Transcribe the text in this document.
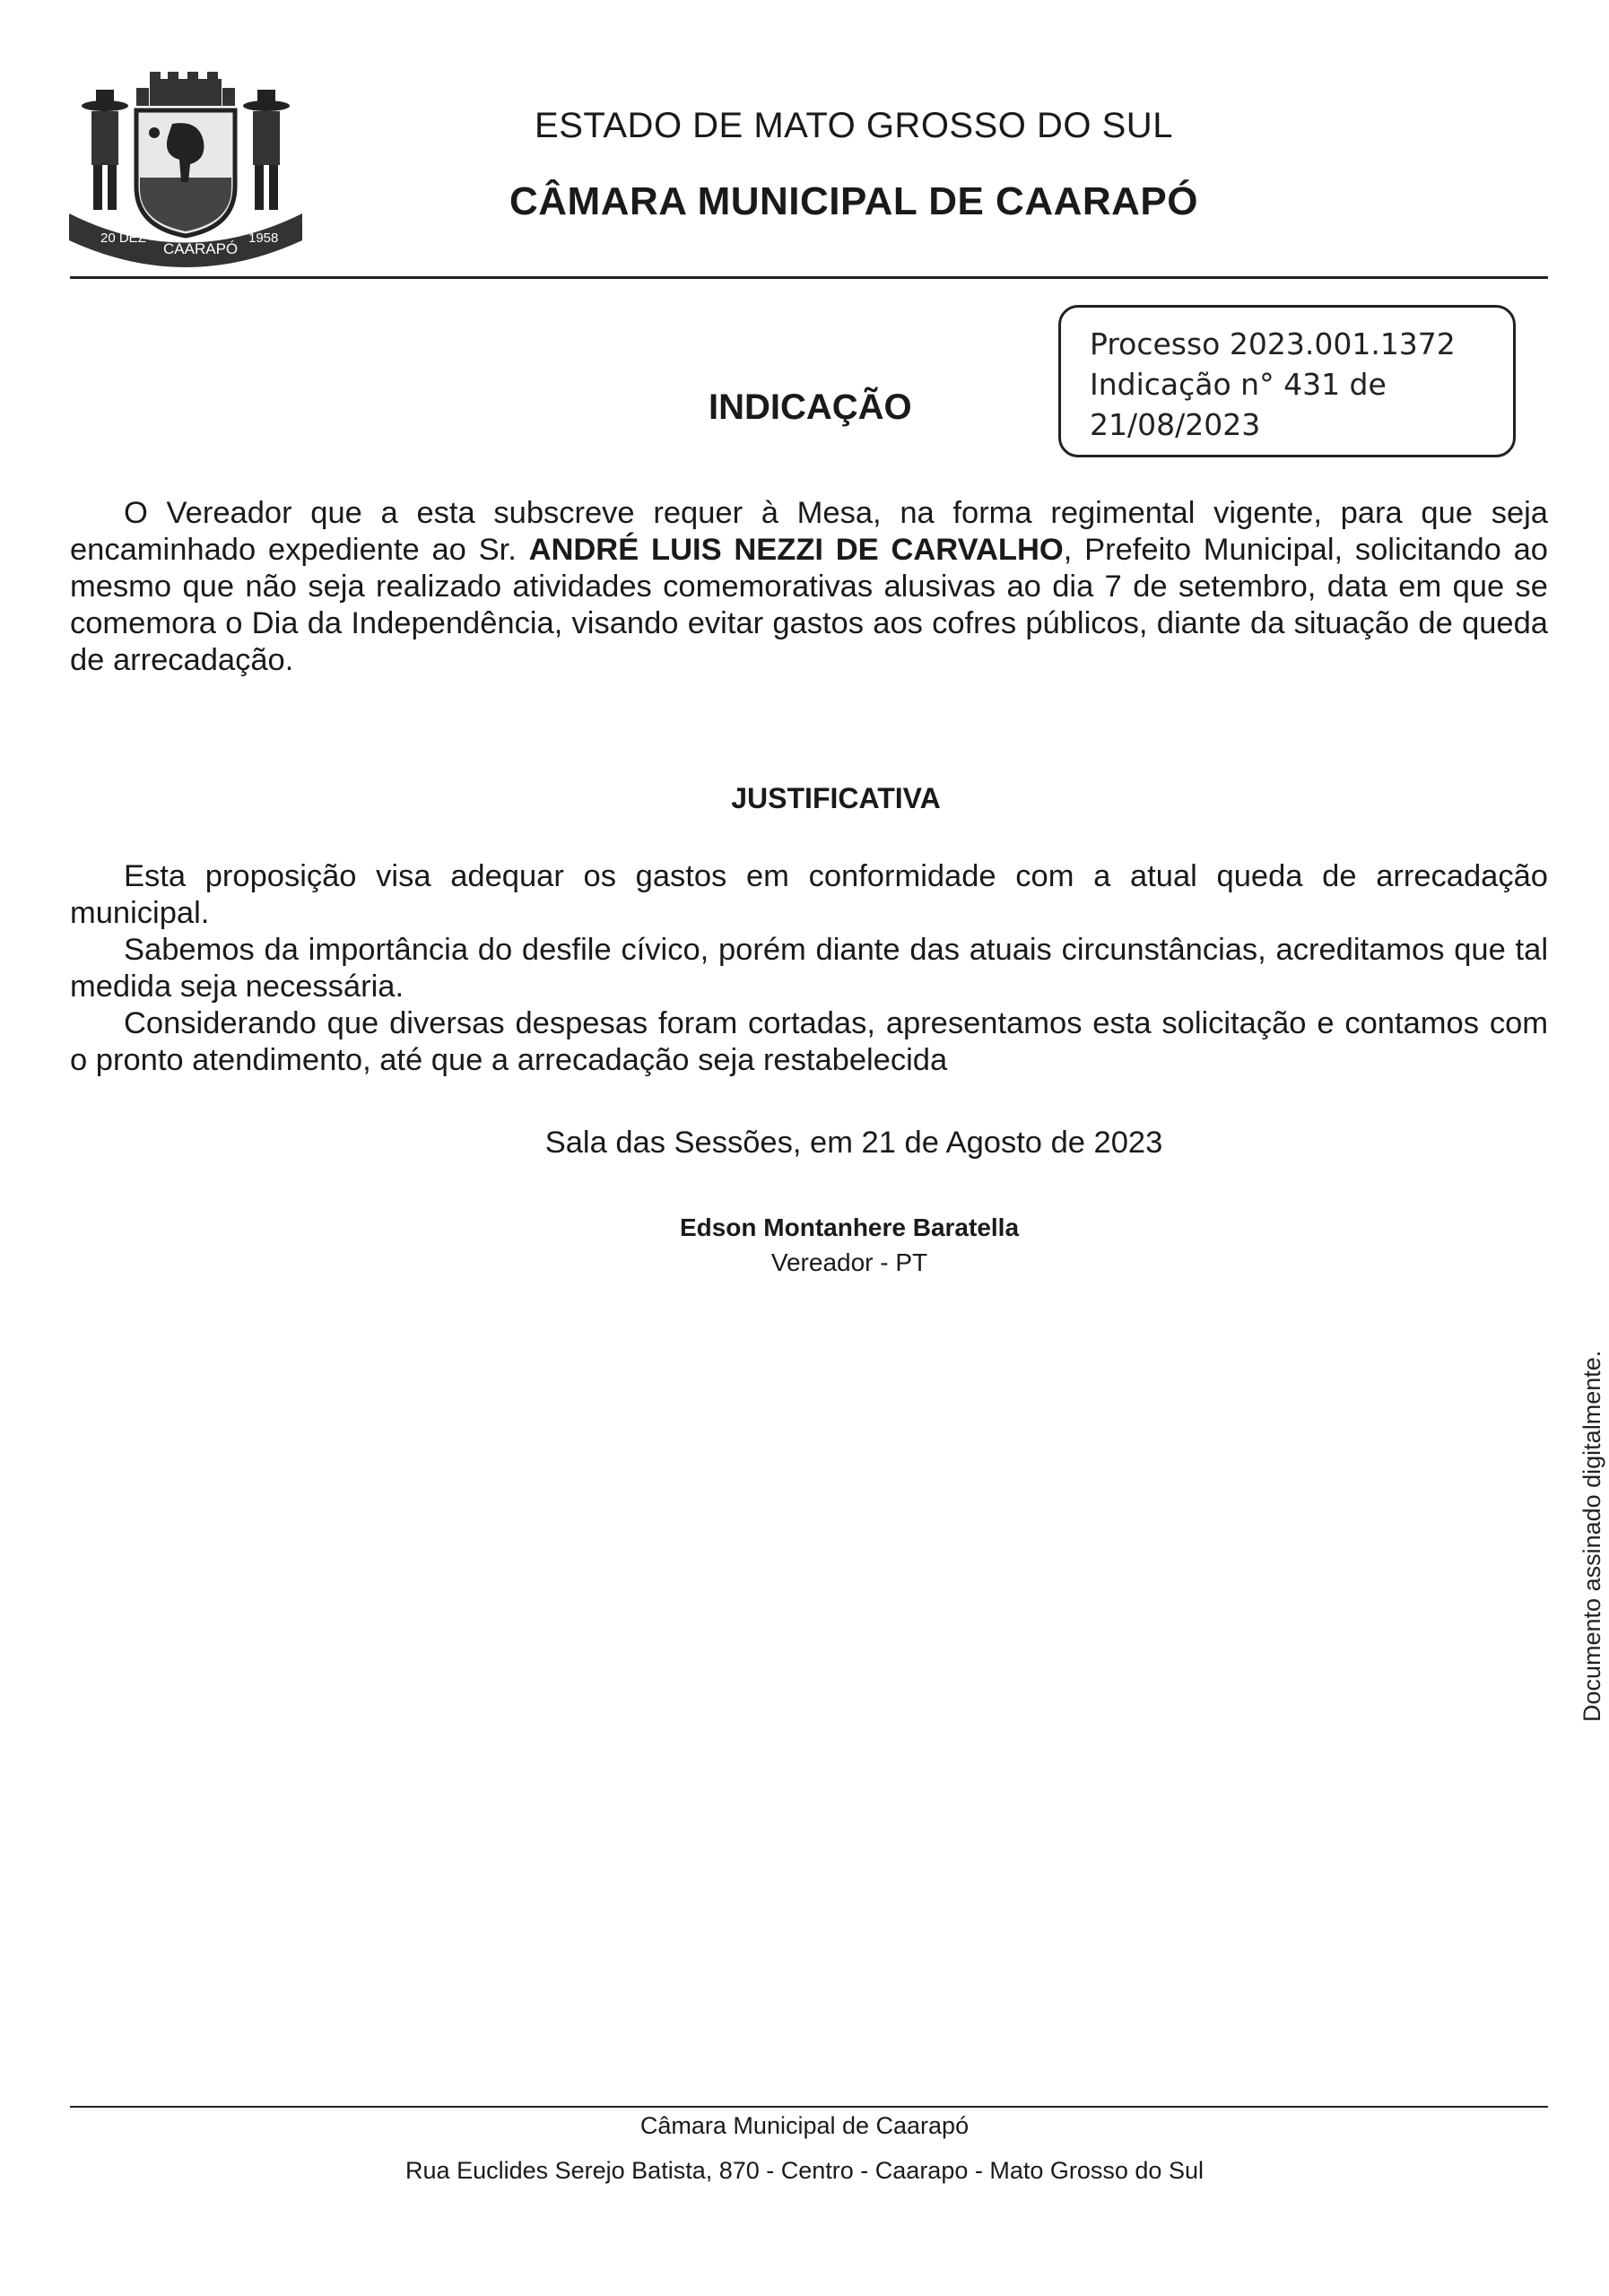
20 DEZ
CAARAPÓ
1958
ESTADO DE MATO GROSSO DO SUL
CÂMARA MUNICIPAL DE CAARAPÓ
Processo 2023.001.1372
Indicação n° 431 de
21/08/2023
INDICAÇÃO

O Vereador que a esta subscreve requer à Mesa, na forma regimental vigente, para que seja encaminhado expediente ao Sr. ANDRÉ LUIS NEZZI DE CARVALHO, Prefeito Municipal, solicitando ao mesmo que não seja realizado atividades comemorativas alusivas ao dia 7 de setembro, data em que se comemora o Dia da Independência, visando evitar gastos aos cofres públicos, diante da situação de queda de arrecadação.

JUSTIFICATIVA

Esta proposição visa adequar os gastos em conformidade com a atual queda de arrecadação municipal.

Sabemos da importância do desfile cívico, porém diante das atuais circunstâncias, acreditamos que tal medida seja necessária.

Considerando que diversas despesas foram cortadas, apresentamos esta solicitação e contamos com o pronto atendimento, até que a arrecadação seja restabelecida

Sala das Sessões, em 21 de Agosto de 2023
Edson Montanhere Baratella
Vereador - PT
Documento assinado digitalmente.
Câmara Municipal de Caarapó
Rua Euclides Serejo Batista, 870 - Centro - Caarapo - Mato Grosso do Sul
